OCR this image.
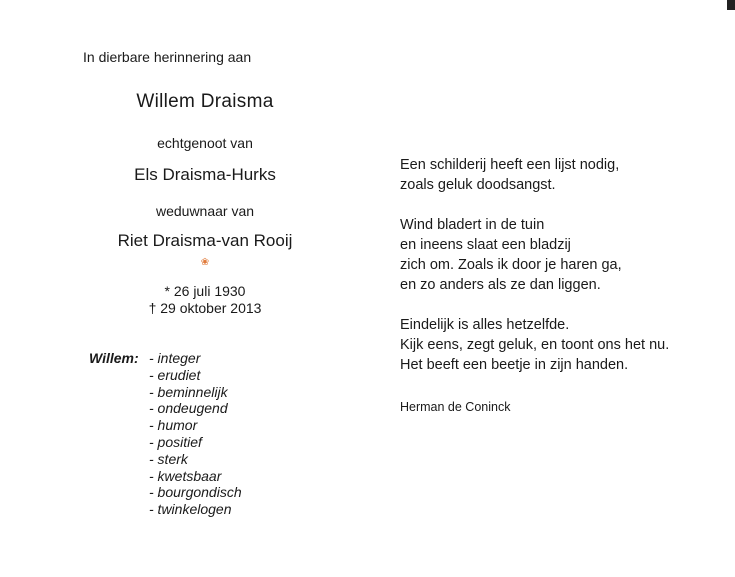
In dierbare herinnering aan
Willem Draisma
echtgenoot van
Els Draisma-Hurks
weduwnaar van
Riet Draisma-van Rooij
❀
* 26 juli 1930
† 29 oktober 2013
Willem: - integer
- erudiet
- beminnelijk
- ondeugend
- humor
- positief
- sterk
- kwetsbaar
- bourgondisch
- twinkelogen
Een schilderij heeft een lijst nodig,
zoals geluk doodsangst.
Wind bladert in de tuin
en ineens slaat een bladzij
zich om. Zoals ik door je haren ga,
en zo anders als ze dan liggen.
Eindelijk is alles hetzelfde.
Kijk eens, zegt geluk, en toont ons het nu.
Het beeft een beetje in zijn handen.
Herman de Coninck
